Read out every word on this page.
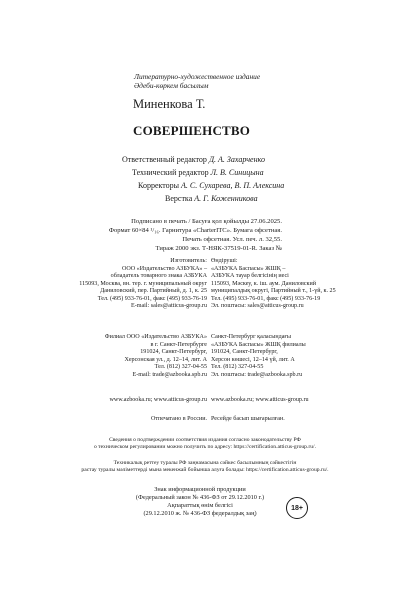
Литературно-художественное издание
Әдеби-көркем басылым
Миненкова Т.
СОВЕРШЕНСТВО
Ответственный редактор Д. А. Захарченко
Технический редактор Л. В. Синицына
Корректоры А. С. Сухарева, В. П. Алексина
Верстка А. Г. Коженникова
Подписано в печать / Басуға қол қойылды 27.06.2025.
Формат 60×84 ¹/₁₆. Гарнитура «CharterITC». Бумага офсетная.
Печать офсетная. Усл. печ. л. 32,55.
Тираж 2000 экз. Т-НЯК-37519-01-R. Заказ №
Изготовитель:
ООО «Издательство АЗБУКА» –
обладатель товарного знака АЗБУКА
115093, Москва, вн. тер. г. муниципальный округ
Даниловский, пер. Партийный, д. 1, к. 25
Тел. (495) 933-76-01, факс (495) 933-76-19
E-mail: sales@atticus-group.ru
Өндіруші:
«АЗБУКА Баспасы» ЖШҚ –
АЗБУКА тауар белгісінің иесі
115093, Мәскеу, к. іш. аум. Даниловский
муниципалдық округі, Партийный т., 1-үй, к. 25
Тел. (495) 933-76-01, факс (495) 933-76-19
Эл. поштасы: sales@atticus-group.ru
Филиал ООО «Издательство АЗБУКА»
в г. Санкт-Петербурге
191024, Санкт-Петербург,
Херсонская ул., д. 12–14, лит. А
Тел. (812) 327-04-55
E-mail: trade@azbooka.spb.ru
Санкт-Петербург қаласындағы
«АЗБУКА Баспасы» ЖШҚ филиалы
191024, Санкт-Петербург,
Херсон көшесі, 12–14 үй, лит. А
Тел. (812) 327-04-55
Эл. поштасы: trade@azbooka.spb.ru
www.azbooka.ru; www.atticus-group.ru www.azbooka.ru; www.atticus-group.ru
Отпечатано в России. Ресейде басып шығарылған.
Сведения о подтверждении соответствия издания согласно законодательству РФ
о техническом регулировании можно получить по адресу: https://certification.atticus-group.ru/.
Техникалық реттеу туралы РФ заңнамасына сәйкес басылымның сәйкестігін
растау туралы мәліметтерді мына мекенжай бойынша алуға болады: https://certification.atticus-group.ru/.
Знак информационной продукции
(Федеральный закон № 436-ФЗ от 29.12.2010 г.)
Ақпараттық өнім белгісі
(29.12.2010 ж. № 436-ФЗ федералдық заң)
18+
